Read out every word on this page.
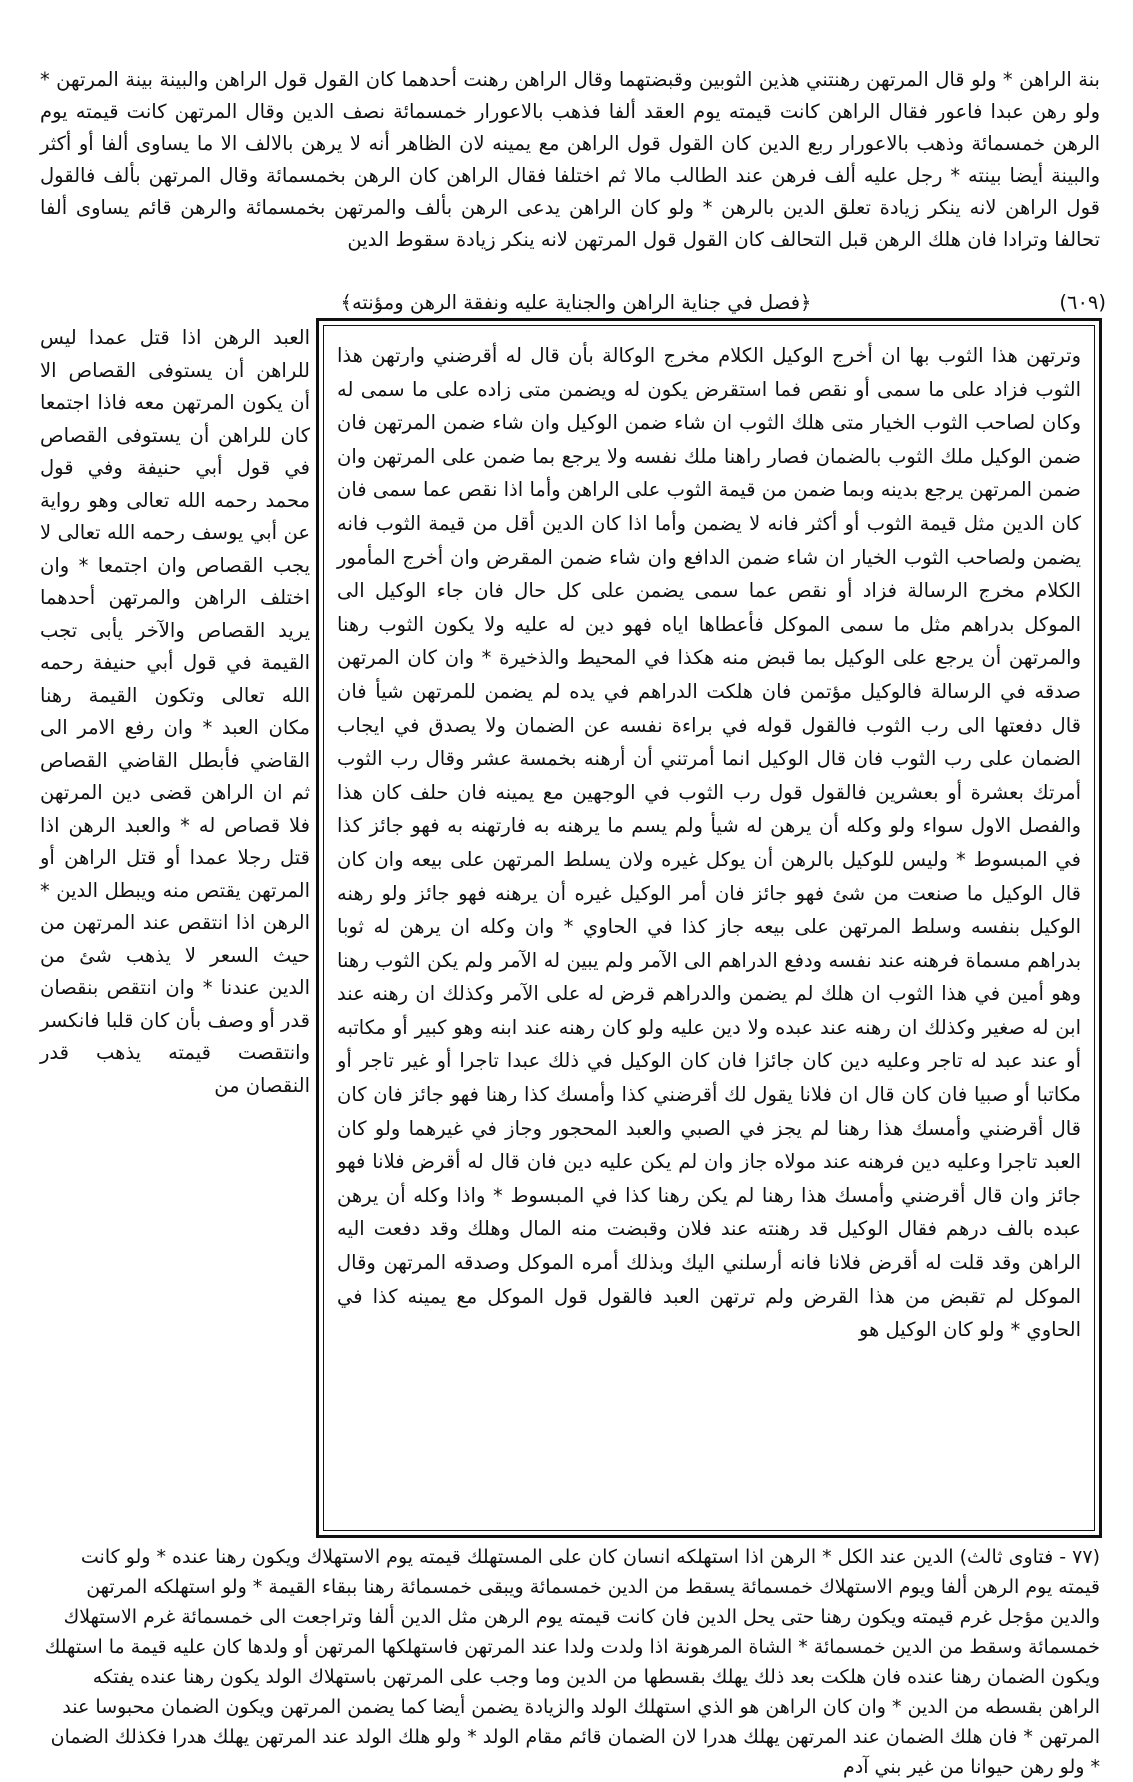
بنة الراهن * ولو قال المرتهن رهنتني هذين الثوبين وقبضتهما وقال الراهن رهنت أحدهما كان القول قول الراهن والبينة بينة المرتهن * ولو رهن عبدا فاعور فقال الراهن كانت قيمته يوم العقد ألفا فذهب بالاعورار خمسمائة نصف الدين وقال المرتهن كانت قيمته يوم الرهن خمسمائة وذهب بالاعورار ربع الدين كان القول قول الراهن مع يمينه لان الظاهر أنه لا يرهن بالالف الا ما يساوى ألفا أو أكثر والبينة أيضا بينته * رجل عليه ألف فرهن عند الطالب مالا ثم اختلفا فقال الراهن كان الرهن بخمسمائة وقال المرتهن بألف فالقول قول الراهن لانه ينكر زيادة تعلق الدين بالرهن * ولو كان الراهن يدعى الرهن بألف والمرتهن بخمسمائة والرهن قائم يساوى ألفا تحالفا وترادا فان هلك الرهن قبل التحالف كان القول قول المرتهن لانه ينكر زيادة سقوط الدين

(٦٠٩)
﴿فصل في جناية الراهن والجناية عليه ونفقة الرهن ومؤنته﴾
العبد الرهن اذا قتل عمدا ليس للراهن أن يستوفى القصاص الا أن يكون المرتهن معه فاذا اجتمعا كان للراهن أن يستوفى القصاص في قول أبي حنيفة وفي قول محمد رحمه الله تعالى وهو رواية عن أبي يوسف رحمه الله تعالى لا يجب القصاص وان اجتمعا * وان اختلف الراهن والمرتهن أحدهما يريد القصاص والآخر يأبى تجب القيمة في قول أبي حنيفة رحمه الله تعالى وتكون القيمة رهنا مكان العبد * وان رفع الامر الى القاضي فأبطل القاضي القصاص ثم ان الراهن قضى دين المرتهن فلا قصاص له * والعبد الرهن اذا قتل رجلا عمدا أو قتل الراهن أو المرتهن يقتص منه ويبطل الدين * الرهن اذا انتقص عند المرتهن من حيث السعر لا يذهب شئ من الدين عندنا * وان انتقص بنقصان قدر أو وصف بأن كان قلبا فانكسر وانتقصت قيمته يذهب قدر النقصان من
وترتهن هذا الثوب بها ان أخرج الوكيل الكلام مخرج الوكالة بأن قال له أقرضني وارتهن هذا الثوب فزاد على ما سمى أو نقص فما استقرض يكون له ويضمن متى زاده على ما سمى له وكان لصاحب الثوب الخيار متى هلك الثوب ان شاء ضمن الوكيل وان شاء ضمن المرتهن فان ضمن الوكيل ملك الثوب بالضمان فصار راهنا ملك نفسه ولا يرجع بما ضمن على المرتهن وان ضمن المرتهن يرجع بدينه وبما ضمن من قيمة الثوب على الراهن وأما اذا نقص عما سمى فان كان الدين مثل قيمة الثوب أو أكثر فانه لا يضمن وأما اذا كان الدين أقل من قيمة الثوب فانه يضمن ولصاحب الثوب الخيار ان شاء ضمن الدافع وان شاء ضمن المقرض وان أخرج المأمور الكلام مخرج الرسالة فزاد أو نقص عما سمى يضمن على كل حال فان جاء الوكيل الى الموكل بدراهم مثل ما سمى الموكل فأعطاها اياه فهو دين له عليه ولا يكون الثوب رهنا والمرتهن أن يرجع على الوكيل بما قبض منه هكذا في المحيط والذخيرة * وان كان المرتهن صدقه في الرسالة فالوكيل مؤتمن فان هلكت الدراهم في يده لم يضمن للمرتهن شيأ فان قال دفعتها الى رب الثوب فالقول قوله في براءة نفسه عن الضمان ولا يصدق في ايجاب الضمان على رب الثوب فان قال الوكيل انما أمرتني أن أرهنه بخمسة عشر وقال رب الثوب أمرتك بعشرة أو بعشرين فالقول قول رب الثوب في الوجهين مع يمينه فان حلف كان هذا والفصل الاول سواء ولو وكله أن يرهن له شيأ ولم يسم ما يرهنه به فارتهنه به فهو جائز كذا في المبسوط * وليس للوكيل بالرهن أن يوكل غيره ولان يسلط المرتهن على بيعه وان كان قال الوكيل ما صنعت من شئ فهو جائز فان أمر الوكيل غيره أن يرهنه فهو جائز ولو رهنه الوكيل بنفسه وسلط المرتهن على بيعه جاز كذا في الحاوي * وان وكله ان يرهن له ثوبا بدراهم مسماة فرهنه عند نفسه ودفع الدراهم الى الآمر ولم يبين له الآمر ولم يكن الثوب رهنا وهو أمين في هذا الثوب ان هلك لم يضمن والدراهم قرض له على الآمر وكذلك ان رهنه عند ابن له صغير وكذلك ان رهنه عند عبده ولا دين عليه ولو كان رهنه عند ابنه وهو كبير أو مكاتبه أو عند عبد له تاجر وعليه دين كان جائزا فان كان الوكيل في ذلك عبدا تاجرا أو غير تاجر أو مكاتبا أو صبيا فان كان قال ان فلانا يقول لك أقرضني كذا وأمسك كذا رهنا فهو جائز فان كان قال أقرضني وأمسك هذا رهنا لم يجز في الصبي والعبد المحجور وجاز في غيرهما ولو كان العبد تاجرا وعليه دين فرهنه عند مولاه جاز وان لم يكن عليه دين فان قال له أقرض فلانا فهو جائز وان قال أقرضني وأمسك هذا رهنا لم يكن رهنا كذا في المبسوط * واذا وكله أن يرهن عبده بالف درهم فقال الوكيل قد رهنته عند فلان وقبضت منه المال وهلك وقد دفعت اليه الراهن وقد قلت له أقرض فلانا فانه أرسلني اليك وبذلك أمره الموكل وصدقه المرتهن وقال الموكل لم تقبض من هذا القرض ولم ترتهن العبد فالقول قول الموكل مع يمينه كذا في الحاوي * ولو كان الوكيل هو
(٧٧ - فتاوى ثالث) الدين عند الكل * الرهن اذا استهلكه انسان كان على المستهلك قيمته يوم الاستهلاك ويكون رهنا عنده * ولو كانت قيمته يوم الرهن ألفا ويوم الاستهلاك خمسمائة يسقط من الدين خمسمائة ويبقى خمسمائة رهنا ببقاء القيمة * ولو استهلكه المرتهن والدين مؤجل غرم قيمته ويكون رهنا حتى يحل الدين فان كانت قيمته يوم الرهن مثل الدين ألفا وتراجعت الى خمسمائة غرم الاستهلاك خمسمائة وسقط من الدين خمسمائة * الشاة المرهونة اذا ولدت ولدا عند المرتهن فاستهلكها المرتهن أو ولدها كان عليه قيمة ما استهلك ويكون الضمان رهنا عنده فان هلكت بعد ذلك يهلك بقسطها من الدين وما وجب على المرتهن باستهلاك الولد يكون رهنا عنده يفتكه الراهن بقسطه من الدين * وان كان الراهن هو الذي استهلك الولد والزيادة يضمن أيضا كما يضمن المرتهن ويكون الضمان محبوسا عند المرتهن * فان هلك الضمان عند المرتهن يهلك هدرا لان الضمان قائم مقام الولد * ولو هلك الولد عند المرتهن يهلك هدرا فكذلك الضمان * ولو رهن حيوانا من غير بني آدم
